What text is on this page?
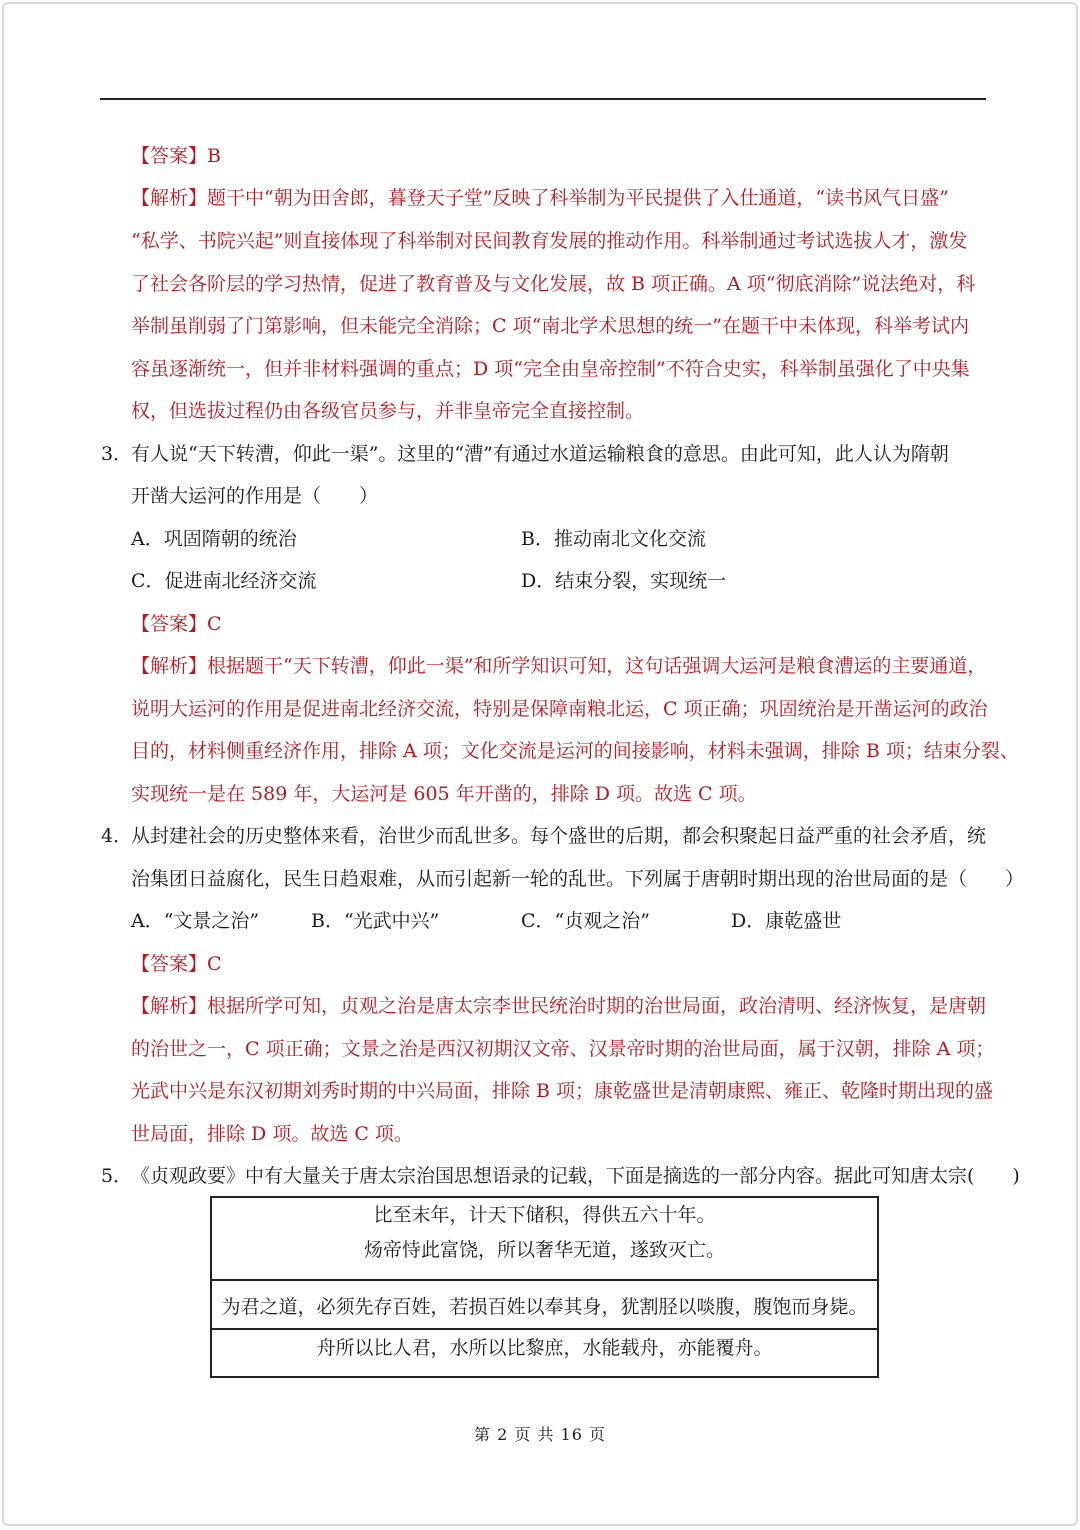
【答案】B
【解析】题干中“朝为田舍郎，暮登天子堂”反映了科举制为平民提供了入仕通道，“读书风气日盛”
“私学、书院兴起”则直接体现了科举制对民间教育发展的推动作用。科举制通过考试选拔人才，激发
了社会各阶层的学习热情，促进了教育普及与文化发展，故 B 项正确。A 项“彻底消除”说法绝对，科
举制虽削弱了门第影响，但未能完全消除；C 项“南北学术思想的统一”在题干中未体现，科举考试内
容虽逐渐统一，但并非材料强调的重点；D 项“完全由皇帝控制”不符合史实，科举制虽强化了中央集
权，但选拔过程仍由各级官员参与，并非皇帝完全直接控制。
3．
有人说“天下转漕，仰此一渠”。这里的“漕”有通过水道运输粮食的意思。由此可知，此人认为隋朝
开凿大运河的作用是（　　）
A．巩固隋朝的统治	B．推动南北文化交流
C．促进南北经济交流	D．结束分裂，实现统一
【答案】C
【解析】根据题干“天下转漕，仰此一渠”和所学知识可知，这句话强调大运河是粮食漕运的主要通道，
说明大运河的作用是促进南北经济交流，特别是保障南粮北运，C 项正确；巩固统治是开凿运河的政治
目的，材料侧重经济作用，排除 A 项；文化交流是运河的间接影响，材料未强调，排除 B 项；结束分裂、
实现统一是在 589 年，大运河是 605 年开凿的，排除 D 项。故选 C 项。
4．
从封建社会的历史整体来看，治世少而乱世多。每个盛世的后期，都会积聚起日益严重的社会矛盾，统
治集团日益腐化，民生日趋艰难，从而引起新一轮的乱世。下列属于唐朝时期出现的治世局面的是（　　）
A．“文景之治”	B．“光武中兴”	C．“贞观之治”	D．康乾盛世
【答案】C
【解析】根据所学可知，贞观之治是唐太宗李世民统治时期的治世局面，政治清明、经济恢复，是唐朝
的治世之一，C 项正确；文景之治是西汉初期汉文帝、汉景帝时期的治世局面，属于汉朝，排除 A 项；
光武中兴是东汉初期刘秀时期的中兴局面，排除 B 项；康乾盛世是清朝康熙、雍正、乾隆时期出现的盛
世局面，排除 D 项。故选 C 项。
5．
《贞观政要》中有大量关于唐太宗治国思想语录的记载，下面是摘选的一部分内容。据此可知唐太宗(　　)
比至末年，计天下储积，得供五六十年。
炀帝恃此富饶，所以奢华无道，遂致灭亡。
为君之道，必须先存百姓，若损百姓以奉其身，犹割胫以啖腹，腹饱而身毙。
舟所以比人君，水所以比黎庶，水能载舟，亦能覆舟。
第 2 页 共 16 页
